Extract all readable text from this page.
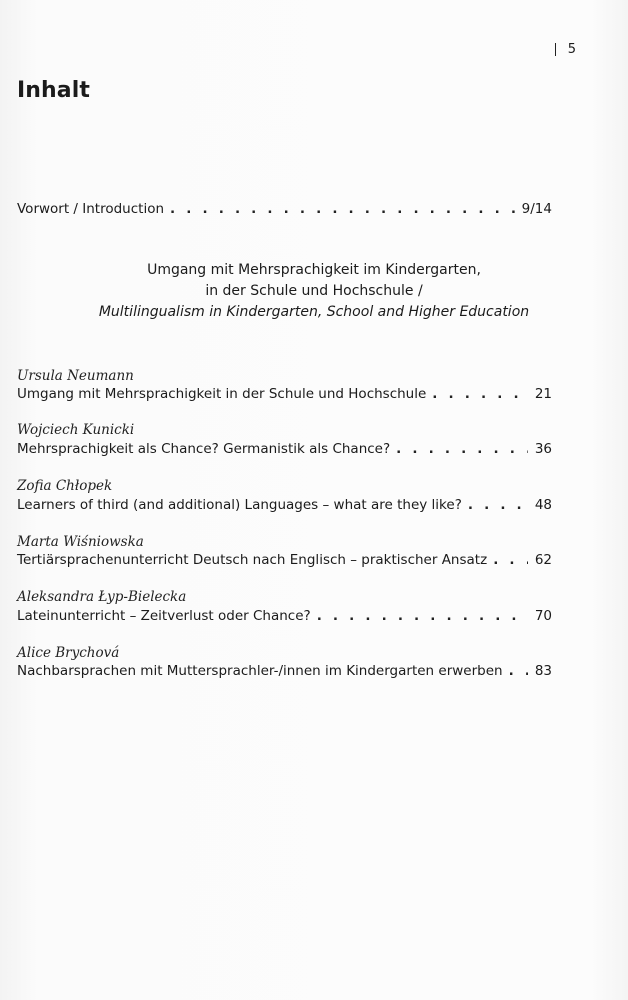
5
Inhalt
Vorwort / Introduction . . .	9/14
Umgang mit Mehrsprachigkeit im Kindergarten,
in der Schule und Hochschule /
Multilingualism in Kindergarten, School and Higher Education
Ursula Neumann
Umgang mit Mehrsprachigkeit in der Schule und Hochschule . . .	21
Wojciech Kunicki
Mehrsprachigkeit als Chance? Germanistik als Chance? . . .	36
Zofia Chłopek
Learners of third (and additional) Languages – what are they like? . . .	48
Marta Wiśniowska
Tertiärsprachenunterricht Deutsch nach Englisch – praktischer Ansatz . . .	62
Aleksandra Łyp-Bielecka
Lateinunterricht – Zeitverlust oder Chance? . . .	70
Alice Brychová
Nachbarsprachen mit Muttersprachler-/innen im Kindergarten erwerben . . . 83
